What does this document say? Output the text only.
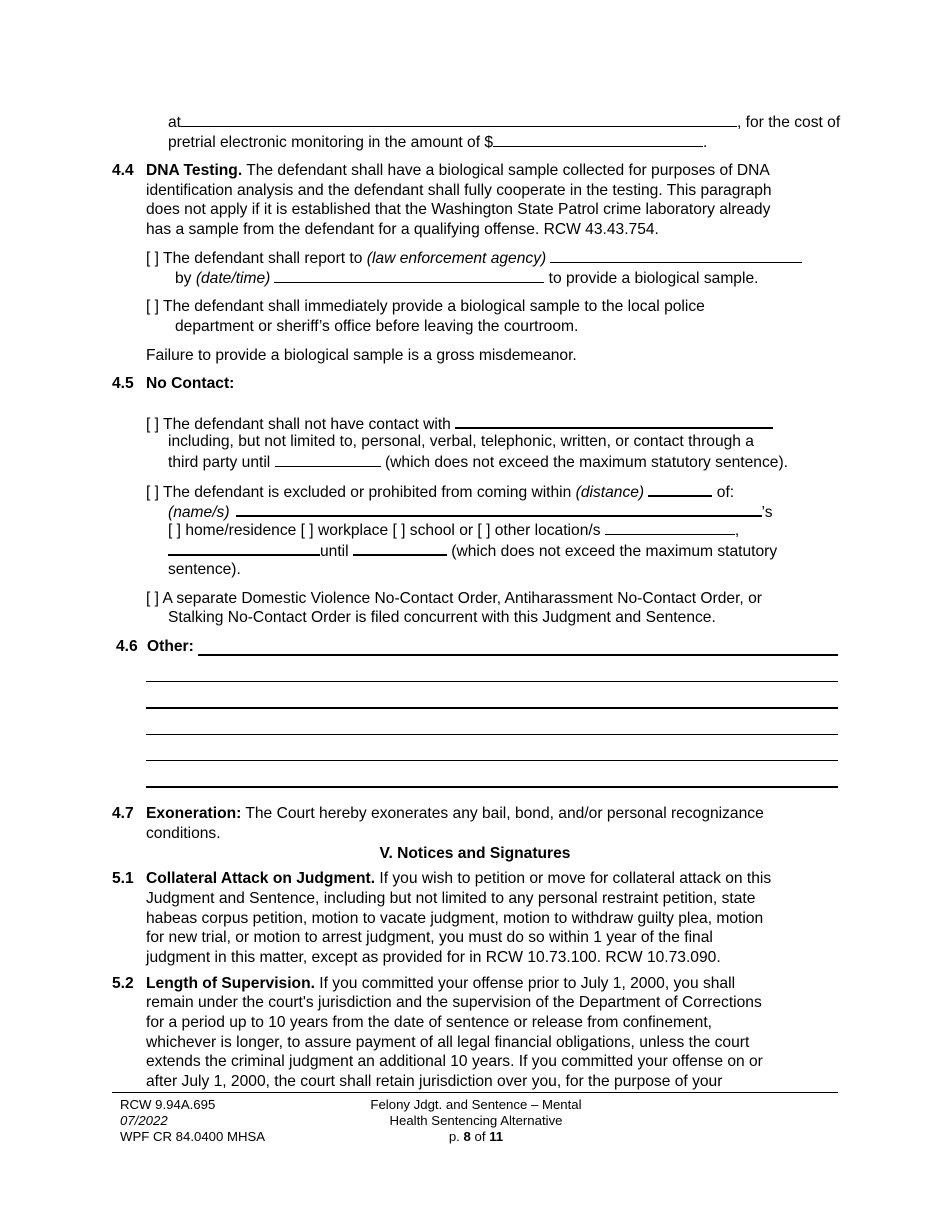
at	, for the cost of
pretrial electronic monitoring in the amount of $	.
4.4 DNA Testing. The defendant shall have a biological sample collected for purposes of DNA
identification analysis and the defendant shall fully cooperate in the testing. This paragraph
does not apply if it is established that the Washington State Patrol crime laboratory already
has a sample from the defendant for a qualifying offense. RCW 43.43.754.
[ ] The defendant shall report to (law enforcement agency)
by (date/time)	to provide a biological sample.
[ ] The defendant shall immediately provide a biological sample to the local police
department or sheriff’s office before leaving the courtroom.
Failure to provide a biological sample is a gross misdemeanor.
4.5 No Contact:
[ ] The defendant shall not have contact with
including, but not limited to, personal, verbal, telephonic, written, or contact through a
third party until	(which does not exceed the maximum statutory sentence).
[ ] The defendant is excluded or prohibited from coming within (distance)	of:
(name/s)	’s
[ ] home/residence [ ] workplace [ ] school or [ ] other location/s	,
until	(which does not exceed the maximum statutory
sentence).
[ ] A separate Domestic Violence No-Contact Order, Antiharassment No-Contact Order, or
Stalking No-Contact Order is filed concurrent with this Judgment and Sentence.
4.6 Other:
4.7 Exoneration: The Court hereby exonerates any bail, bond, and/or personal recognizance
conditions.
V. Notices and Signatures
5.1 Collateral Attack on Judgment. If you wish to petition or move for collateral attack on this
Judgment and Sentence, including but not limited to any personal restraint petition, state
habeas corpus petition, motion to vacate judgment, motion to withdraw guilty plea, motion
for new trial, or motion to arrest judgment, you must do so within 1 year of the final
judgment in this matter, except as provided for in RCW 10.73.100. RCW 10.73.090.
5.2 Length of Supervision. If you committed your offense prior to July 1, 2000, you shall
remain under the court's jurisdiction and the supervision of the Department of Corrections
for a period up to 10 years from the date of sentence or release from confinement,
whichever is longer, to assure payment of all legal financial obligations, unless the court
extends the criminal judgment an additional 10 years. If you committed your offense on or
after July 1, 2000, the court shall retain jurisdiction over you, for the purpose of your
RCW 9.94A.695
07/2022
WPF CR 84.0400 MHSA
Felony Jdgt. and Sentence – Mental
Health Sentencing Alternative
p. 8 of 11
